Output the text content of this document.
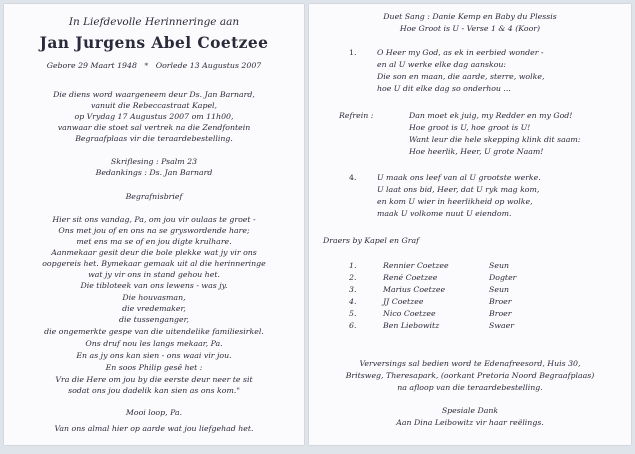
In Liefdevolle Herinneringe aan
Jan Jurgens Abel Coetzee
Gebore 29 Maart 1948 * Oorlede 13 Augustus 2007
Die diens word waargeneem deur Ds. Jan Barnard,
vanuit die Rebeccastraat Kapel,
op Vrydag 17 Augustus 2007 om 11h00,
vanwaar die stoet sal vertrek na die Zendfontein
Begraafplaas vir die teraardebestelling.
Skriflesing : Psalm 23
Bedankings : Ds. Jan Barnard
Begrafnisbrief
Hier sit ons vandag, Pa, om jou vir oulaas te groet -
Ons met jou of en ons na se gryswordende hare;
met ens ma se of en jou digte krulhare.
Aanmekaar gesit deur die bole plekke wat jy vir ons
oopgereis het. Bymekaar gemaak uit al die herinneringe
wat jy vir ons in stand gehou het.
Die tibloteek van ons lewens - was jy.
Die houvasman,
die vredemaker,
die tussenganger,
die ongemerkte gespe van die uitendelike familiesirkel.
Ons druf nou les langs mekaar, Pa.
En as jy ons kan sien - ons waai vir jou.
En soos Philip gesê het :
Vra die Here om jou by die eerste deur neer te sit
sodat ons jou dadelik kan sien as ons kom."
Mooi loop, Pa.
Van ons almal hier op aarde wat jou liefgehad het.
Duet Sang : Danie Kemp en Baby du Plessis
Hoe Groot is U - Verse 1 & 4 (Koor)
1.	O Heer my God, as ek in eerbied wonder -
en al U werke elke dag aanskou:
Die son en maan, die aarde, sterre, wolke,
hoe U dit elke dag so onderhou ...
Refrein :	Dan moet ek juig, my Redder en my God!
Hoe groot is U, hoe groot is U!
Want leur die hele skepping klink dit saam:
Hoe heerlik, Heer, U grote Naam!
4.	U maak ons leef van al U grootste werke.
U laat ons bid, Heer, dat U ryk mag kom,
en kom U wier in heerlikheid op wolke,
maak U volkome nuut U eiendom.
Draers by Kapel en Graf
1.	Rennier Coetzee	Seun
2.	René Coetzee	Dogter
3.	Marius Coetzee	Seun
4.	JJ Coetzee	Broer
5.	Nico Coetzee	Broer
6.	Ben Liebowitz	Swaer
Verversings sal bedien word te Edenafreesord, Huis 30,
Britsweg, Theresapark, (oorkant Pretoria Noord Begraafplaas)
na afloop van die teraardebestelling.
Spesiale Dank
Aan Dina Leibowitz vir haar reëlings.
